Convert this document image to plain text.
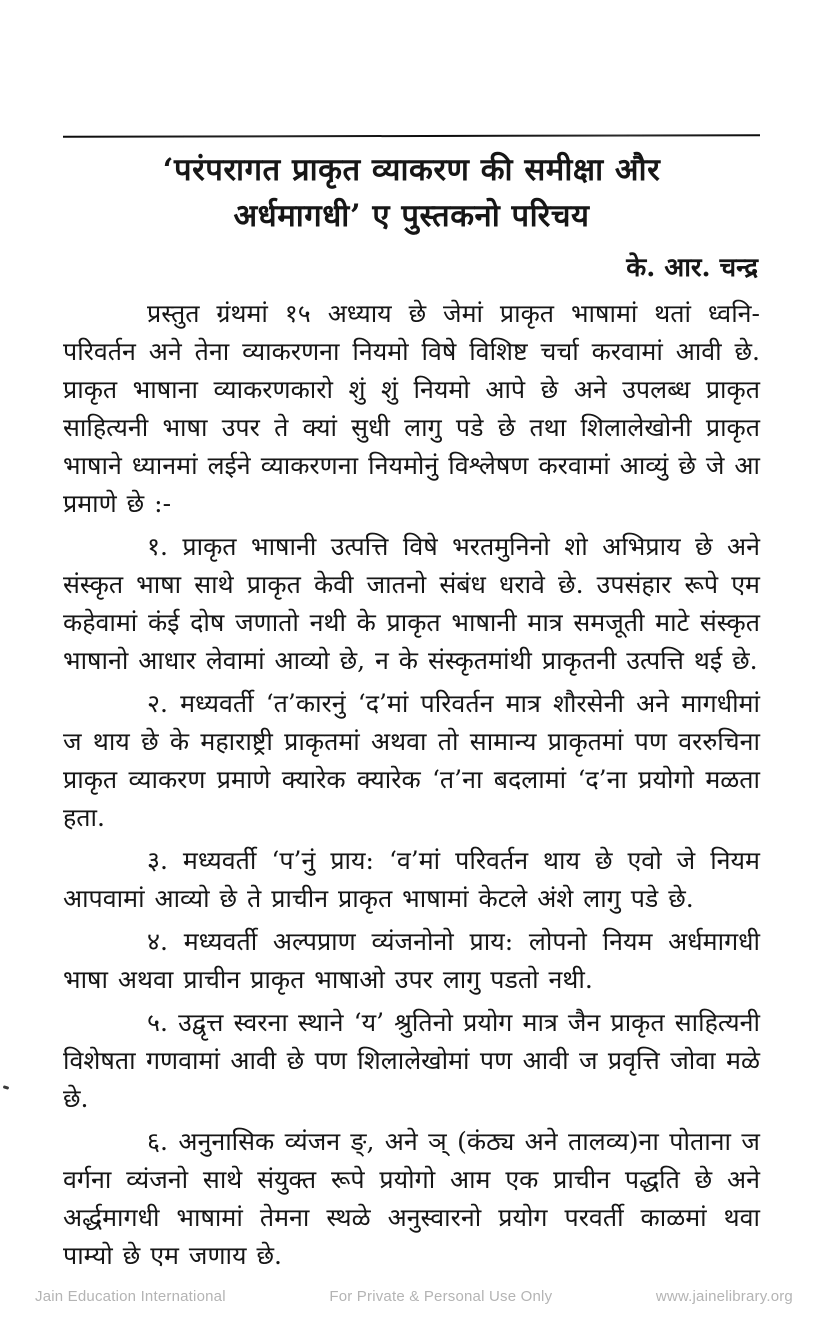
‘परंपरागत प्राकृत व्याकरण की समीक्षा और
अर्धमागधी’ ए पुस्तकनो परिचय
के. आर. चन्द्र

प्रस्तुत ग्रंथमां १५ अध्याय छे जेमां प्राकृत भाषामां थतां ध्वनि-परिवर्तन अने तेना व्याकरणना नियमो विषे विशिष्ट चर्चा करवामां आवी छे. प्राकृत भाषाना व्याकरणकारो शुं शुं नियमो आपे छे अने उपलब्ध प्राकृत साहित्यनी भाषा उपर ते क्यां सुधी लागु पडे छे तथा शिलालेखोनी प्राकृत भाषाने ध्यानमां लईने व्याकरणना नियमोनुं विश्लेषण करवामां आव्युं छे जे आ प्रमाणे छे :-

१. प्राकृत भाषानी उत्पत्ति विषे भरतमुनिनो शो अभिप्राय छे अने संस्कृत भाषा साथे प्राकृत केवी जातनो संबंध धरावे छे. उपसंहार रूपे एम कहेवामां कंई दोष जणातो नथी के प्राकृत भाषानी मात्र समजूती माटे संस्कृत भाषानो आधार लेवामां आव्यो छे, न के संस्कृतमांथी प्राकृतनी उत्पत्ति थई छे.

२. मध्यवर्ती ‘त’कारनुं ‘द’मां परिवर्तन मात्र शौरसेनी अने मागधीमां ज थाय छे के महाराष्ट्री प्राकृतमां अथवा तो सामान्य प्राकृतमां पण वररुचिना प्राकृत व्याकरण प्रमाणे क्यारेक क्यारेक ‘त’ना बदलामां ‘द’ना प्रयोगो मळता हता.

३. मध्यवर्ती ‘प’नुं प्राय: ‘व’मां परिवर्तन थाय छे एवो जे नियम आपवामां आव्यो छे ते प्राचीन प्राकृत भाषामां केटले अंशे लागु पडे छे.

४. मध्यवर्ती अल्पप्राण व्यंजनोनो प्राय: लोपनो नियम अर्धमागधी भाषा अथवा प्राचीन प्राकृत भाषाओ उपर लागु पडतो नथी.

५. उद्वृत्त स्वरना स्थाने ‘य’ श्रुतिनो प्रयोग मात्र जैन प्राकृत साहित्यनी विशेषता गणवामां आवी छे पण शिलालेखोमां पण आवी ज प्रवृत्ति जोवा मळे छे.

६. अनुनासिक व्यंजन ङ्, अने ञ् (कंठ्य अने तालव्य)ना पोताना ज वर्गना व्यंजनो साथे संयुक्त रूपे प्रयोगो आम एक प्राचीन पद्धति छे अने अर्द्धमागधी भाषामां तेमना स्थळे अनुस्वारनो प्रयोग परवर्ती काळमां थवा पाम्यो छे एम जणाय छे.

Jain Education International	For Private & Personal Use Only	www.jainelibrary.org
